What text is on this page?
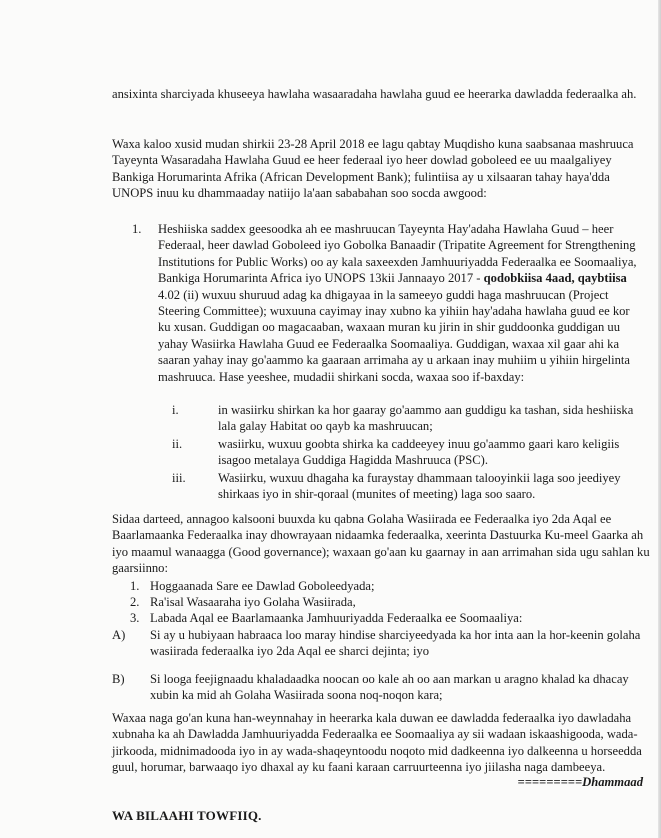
ansixinta sharciyada khuseeya hawlaha wasaaradaha hawlaha guud ee heerarka dawladda federaalka ah.
Waxa kaloo xusid mudan shirkii 23-28 April 2018 ee lagu qabtay Muqdisho kuna saabsanaa mashruuca Tayeynta Wasaradaha Hawlaha Guud ee heer federaal iyo heer dowlad goboleed ee uu maalgaliyey Bankiga Horumarinta Afrika (African Development Bank); fulintiisa ay u xilsaaran tahay haya'dda UNOPS inuu ku dhammaaday natiijo la'aan sababahan soo socda awgood:
1. Heshiiska saddex geesoodka ah ee mashruucan Tayeynta Hay'adaha Hawlaha Guud – heer Federaal, heer dawlad Goboleed iyo Gobolka Banaadir (Tripatite Agreement for Strengthening Institutions for Public Works) oo ay kala saxeexden Jamhuuriyadda Federaalka ee Soomaaliya, Bankiga Horumarinta Africa iyo UNOPS 13kii Jannaayo 2017 - qodobkiisa 4aad, qaybtiisa 4.02 (ii) wuxuu shuruud adag ka dhigayaa in la sameeyo guddi haga mashruucan (Project Steering Committee); wuxuuna cayimay inay xubno ka yihiin hay'adaha hawlaha guud ee kor ku xusan. Guddigan oo magacaaban, waxaan muran ku jirin in shir guddoonka guddigan uu yahay Wasiirka Hawlaha Guud ee Federaalka Soomaaliya. Guddigan, waxaa xil gaar ahi ka saaran yahay inay go'aammo ka gaaraan arrimaha ay u arkaan inay muhiim u yihiin hirgelinta mashruuca. Hase yeeshee, mudadii shirkani socda, waxaa soo if-baxday:
i.	in wasiirku shirkan ka hor gaaray go'aammo aan guddigu ka tashan, sida heshiiska lala galay Habitat oo qayb ka mashruucan;
ii.	wasiirku, wuxuu goobta shirka ka caddeeyey inuu go'aammo gaari karo keligiis isagoo metalaya Guddiga Hagidda Mashruuca (PSC).
iii.	Wasiirku, wuxuu dhagaha ka furaystay dhammaan talooyinkii laga soo jeediyey shirkaas iyo in shir-qoraal (munites of meeting) laga soo saaro.
Sidaa darteed, annagoo kalsooni buuxda ku qabna Golaha Wasiirada ee Federaalka iyo 2da Aqal ee Baarlamaanka Federaalka inay dhowrayaan nidaamka federaalka, xeerinta Dastuurka Ku-meel Gaarka ah iyo maamul wanaagga (Good governance); waxaan go'aan ku gaarnay in aan arrimahan sida ugu sahlan ku gaarsiinno:
1. Hoggaanada Sare ee Dawlad Goboleedyada;
2. Ra'isal Wasaaraha iyo Golaha Wasiirada,
3. Labada Aqal ee Baarlamaanka Jamhuuriyadda Federaalka ee Soomaaliya:
A) Si ay u hubiyaan habraaca loo maray hindise sharciyeedyada ka hor inta aan la hor-keenin golaha wasiirada federaalka iyo 2da Aqal ee sharci dejinta; iyo
B) Si looga feejignaadu khaladaadka noocan oo kale ah oo aan markan u aragno khalad ka dhacay xubin ka mid ah Golaha Wasiirada soona noq-noqon kara;
Waxaa naga go'an kuna han-weynnahay in heerarka kala duwan ee dawladda federaalka iyo dawladaha xubnaha ka ah Dawladda Jamhuuriyadda Federaalka ee Soomaaliya ay sii wadaan iskaashigooda, wada-jirkooda, midnimadooda iyo in ay wada-shaqeyntoodu noqoto mid dadkeenna iyo dalkeenna u horseedda guul, horumar, barwaaqo iyo dhaxal ay ku faani karaan carruurteenna iyo jiilasha naga dambeeya.
=========Dhammaad
WA BILAAHI TOWFIIQ.
